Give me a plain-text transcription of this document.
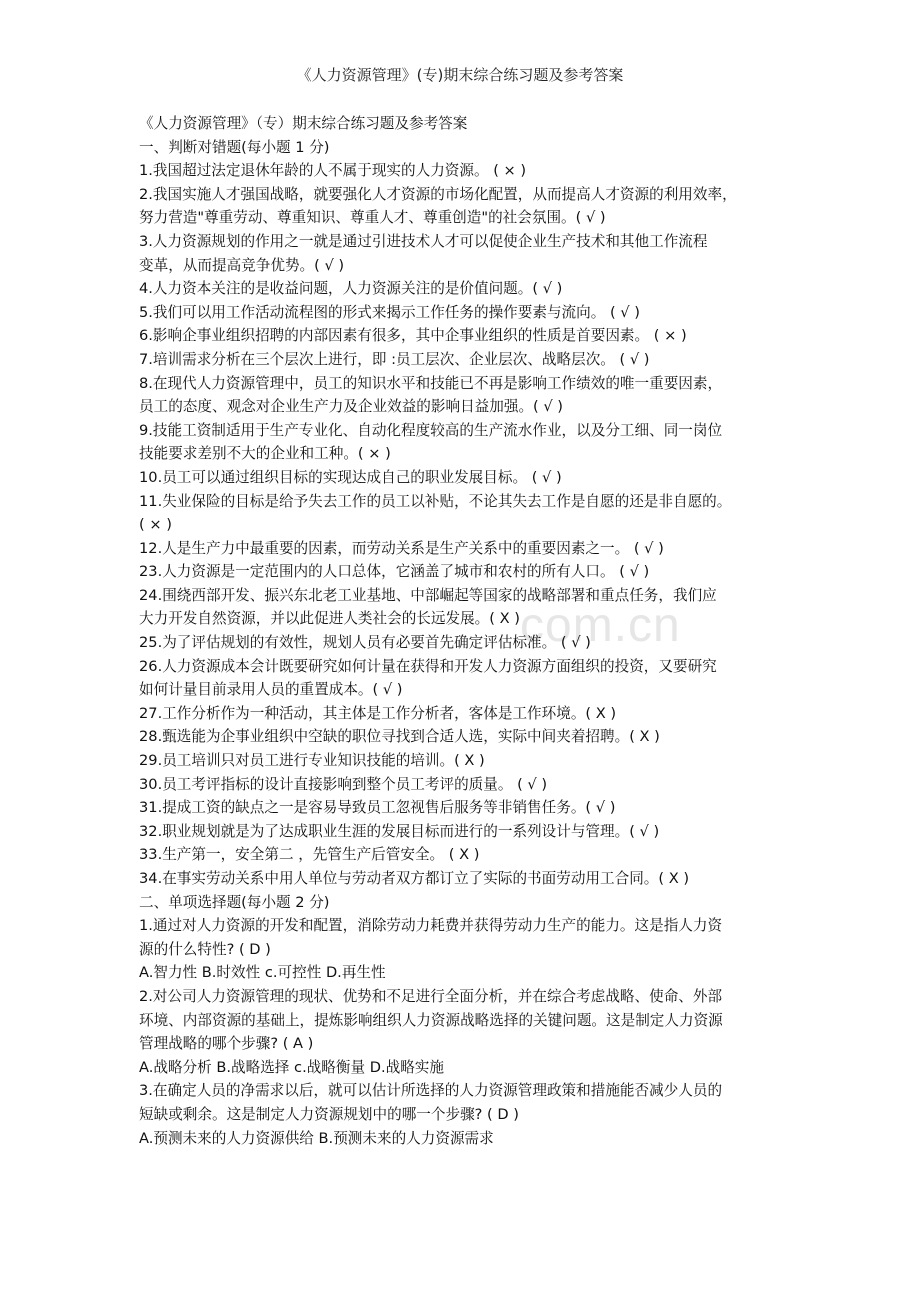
《人力资源管理》(专)期末综合练习题及参考答案
com.cn
《人力资源管理》（专）期末综合练习题及参考答案
一、判断对错题(每小题 1 分)
1.我国超过法定退休年龄的人不属于现实的人力资源。 ( × )
2.我国实施人才强国战略，就要强化人才资源的市场化配置，从而提高人才资源的利用效率，
努力营造"尊重劳动、尊重知识、尊重人才、尊重创造"的社会氛围。( √ )
3.人力资源规划的作用之一就是通过引进技术人才可以促使企业生产技术和其他工作流程
变革，从而提高竞争优势。( √ )
4.人力资本关注的是收益问题，人力资源关注的是价值问题。( √ )
5.我们可以用工作活动流程图的形式来揭示工作任务的操作要素与流向。 ( √ )
6.影响企事业组织招聘的内部因素有很多，其中企事业组织的性质是首要因素。 ( × )
7.培训需求分析在三个层次上进行，即 :员工层次、企业层次、战略层次。 ( √ )
8.在现代人力资源管理中，员工的知识水平和技能已不再是影响工作绩效的唯一重要因素，
员工的态度、观念对企业生产力及企业效益的影响日益加强。( √ )
9.技能工资制适用于生产专业化、自动化程度较高的生产流水作业，以及分工细、同一岗位
技能要求差别不大的企业和工种。( × )
10.员工可以通过组织目标的实现达成自己的职业发展目标。 ( √ )
11.失业保险的目标是给予失去工作的员工以补贴，不论其失去工作是自愿的还是非自愿的。
( × )
12.人是生产力中最重要的因素，而劳动关系是生产关系中的重要因素之一。 ( √ )
23.人力资源是一定范围内的人口总体，它涵盖了城市和农村的所有人口。 ( √ )
24.围绕西部开发、振兴东北老工业基地、中部崛起等国家的战略部署和重点任务，我们应
大力开发自然资源，并以此促进人类社会的长远发展。( X )
25.为了评估规划的有效性，规划人员有必要首先确定评估标准。 ( √ )
26.人力资源成本会计既要研究如何计量在获得和开发人力资源方面组织的投资，又要研究
如何计量目前录用人员的重置成本。( √ )
27.工作分析作为一种活动，其主体是工作分析者，客体是工作环境。( X )
28.甄选能为企事业组织中空缺的职位寻找到合适人选，实际中间夹着招聘。( X )
29.员工培训只对员工进行专业知识技能的培训。( X )
30.员工考评指标的设计直接影响到整个员工考评的质量。 ( √ )
31.提成工资的缺点之一是容易导致员工忽视售后服务等非销售任务。( √ )
32.职业规划就是为了达成职业生涯的发展目标而进行的一系列设计与管理。( √ )
33.生产第一，安全第二 ，先管生产后管安全。 ( X )
34.在事实劳动关系中用人单位与劳动者双方都订立了实际的书面劳动用工合同。( X )
二、单项选择题(每小题 2 分)
1.通过对人力资源的开发和配置，消除劳动力耗费并获得劳动力生产的能力。这是指人力资
源的什么特性? ( D )
A.智力性 B.时效性 c.可控性 D.再生性
2.对公司人力资源管理的现状、优势和不足进行全面分析，并在综合考虑战略、使命、外部
环境、内部资源的基础上，提炼影响组织人力资源战略选择的关键问题。这是制定人力资源
管理战略的哪个步骤? ( A )
A.战略分析 B.战略选择 c.战略衡量 D.战略实施
3.在确定人员的净需求以后，就可以估计所选择的人力资源管理政策和措施能否减少人员的
短缺或剩余。这是制定人力资源规划中的哪一个步骤? ( D )
A.预测未来的人力资源供给 B.预测未来的人力资源需求
